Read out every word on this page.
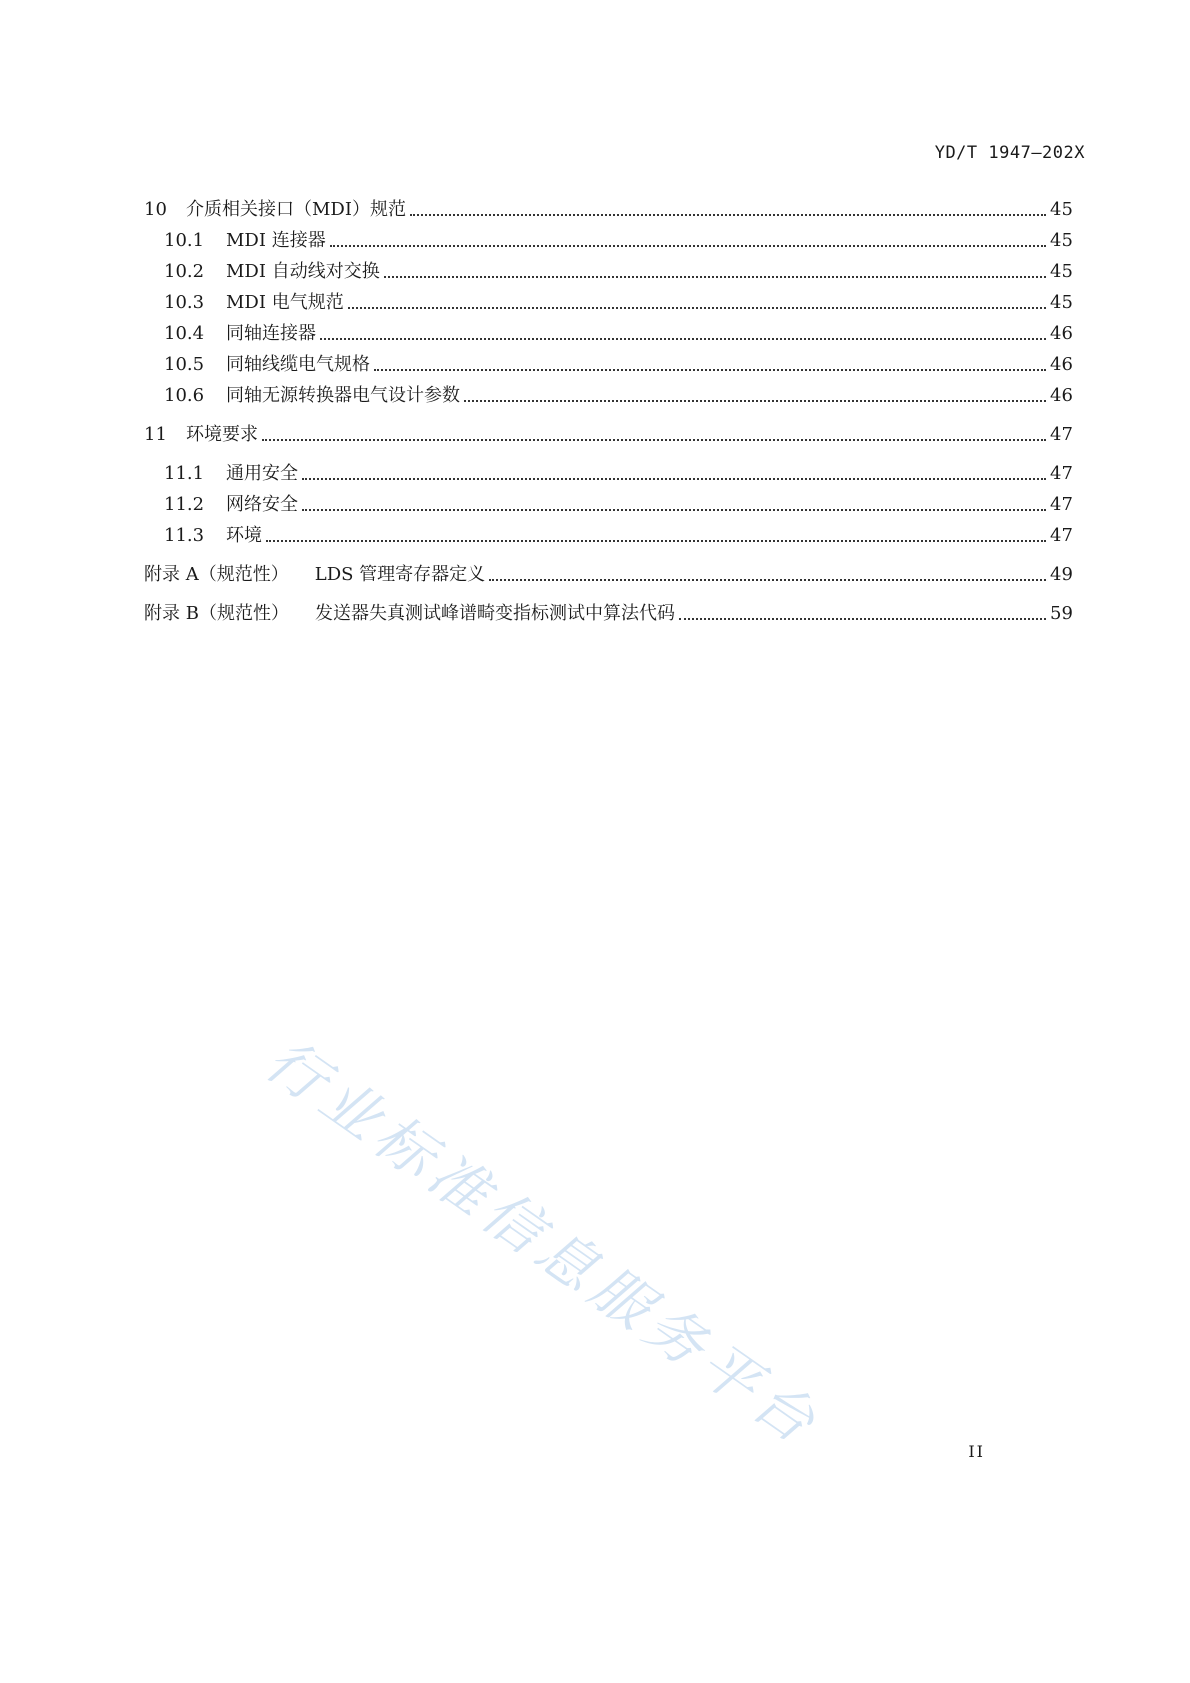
YD/T 1947—202X
10	介质相关接口（MDI）规范	45
10.1	MDI 连接器	45
10.2	MDI 自动线对交换	45
10.3	MDI 电气规范	45
10.4	同轴连接器	46
10.5	同轴线缆电气规格	46
10.6	同轴无源转换器电气设计参数	46
11	环境要求	47
11.1	通用安全	47
11.2	网络安全	47
11.3	环境	47
附录 A（规范性） LDS 管理寄存器定义	49
附录 B（规范性） 发送器失真测试峰谱畸变指标测试中算法代码	59
行业标准信息服务平台	II
